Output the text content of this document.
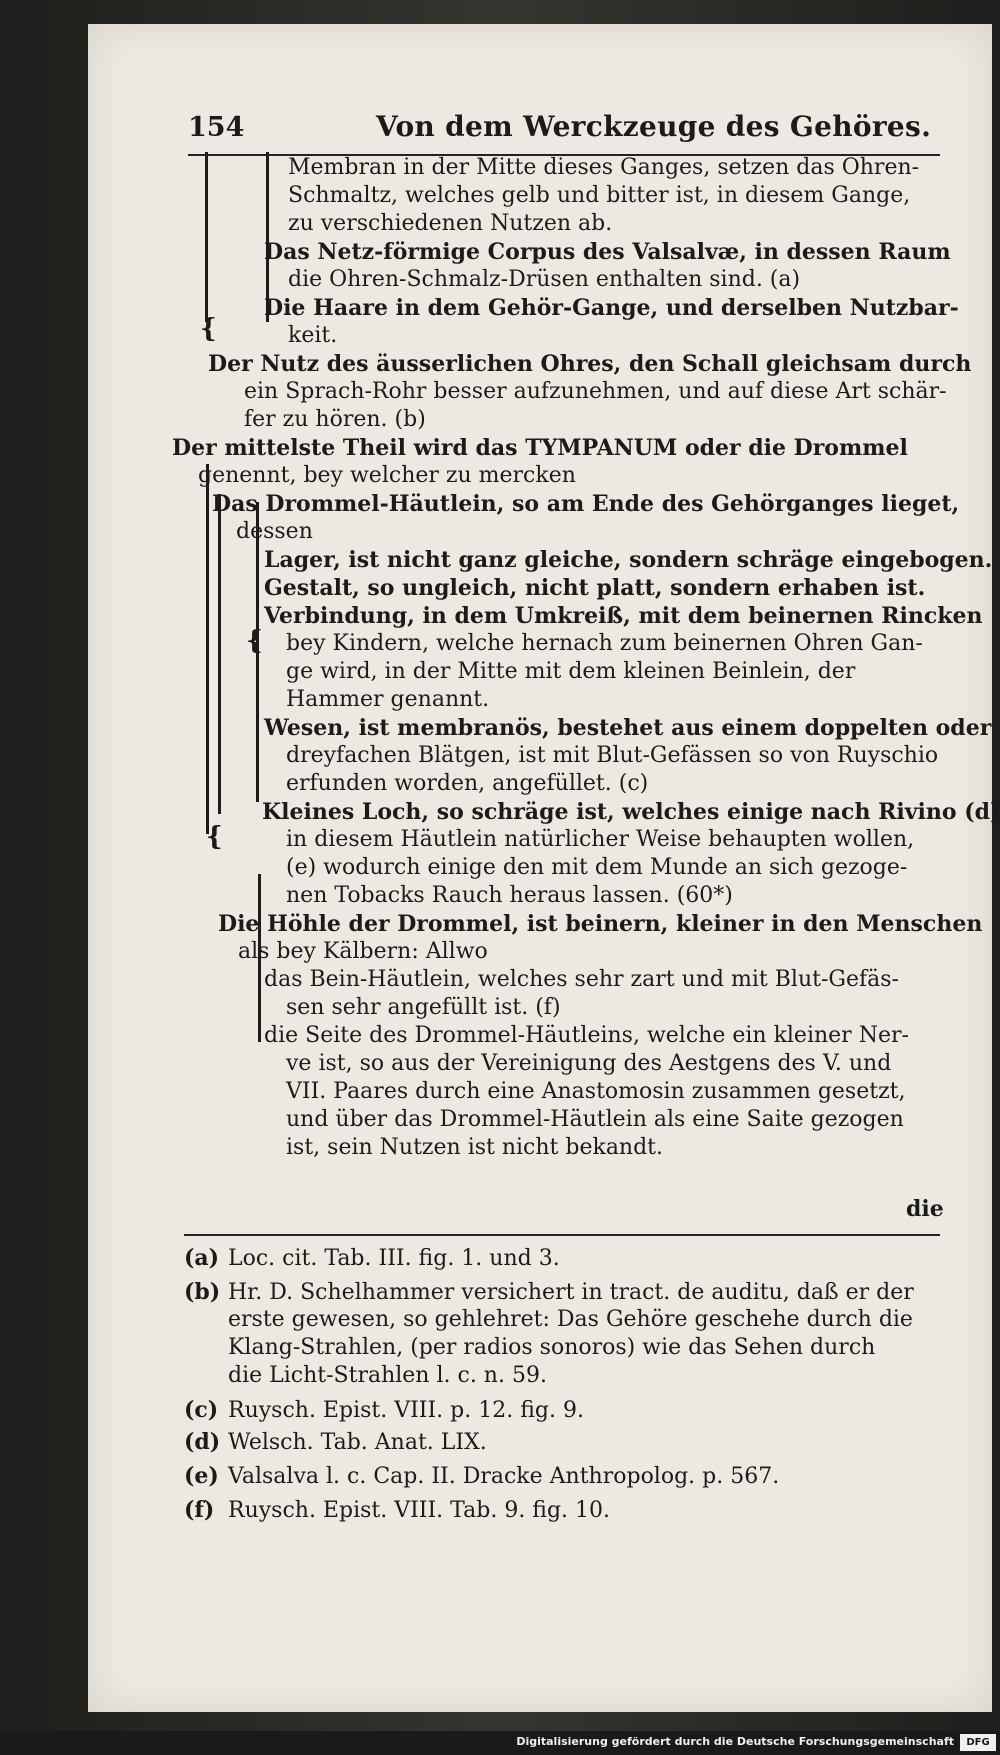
154	Von dem Werckzeuge des Gehöres.
{
{
{
Membran in der Mitte dieses Ganges, setzen das Ohren-
Schmaltz, welches gelb und bitter ist, in diesem Gange,
zu verschiedenen Nutzen ab.
Das Netz-förmige Corpus des Valsalvæ, in dessen Raum
die Ohren-Schmalz-Drüsen enthalten sind. (a)
Die Haare in dem Gehör-Gange, und derselben Nutzbar-
keit.
Der Nutz des äusserlichen Ohres, den Schall gleichsam durch
ein Sprach-Rohr besser aufzunehmen, und auf diese Art schär-
fer zu hören. (b)
Der mittelste Theil wird das TYMPANUM oder die Drommel
genennt, bey welcher zu mercken
Das Drommel-Häutlein, so am Ende des Gehörganges lieget,
dessen
Lager, ist nicht ganz gleiche, sondern schräge eingebogen.
Gestalt, so ungleich, nicht platt, sondern erhaben ist.
Verbindung, in dem Umkreiß, mit dem beinernen Rincken
bey Kindern, welche hernach zum beinernen Ohren Gan-
ge wird, in der Mitte mit dem kleinen Beinlein, der
Hammer genannt.
Wesen, ist membranös, bestehet aus einem doppelten oder
dreyfachen Blätgen, ist mit Blut-Gefässen so von Ruyschio
erfunden worden, angefüllet. (c)
Kleines Loch, so schräge ist, welches einige nach Rivino (d)
in diesem Häutlein natürlicher Weise behaupten wollen,
(e) wodurch einige den mit dem Munde an sich gezoge-
nen Tobacks Rauch heraus lassen. (60*)
Die Höhle der Drommel, ist beinern, kleiner in den Menschen
als bey Kälbern: Allwo
das Bein-Häutlein, welches sehr zart und mit Blut-Gefäs-
sen sehr angefüllt ist. (f)
die Seite des Drommel-Häutleins, welche ein kleiner Ner-
ve ist, so aus der Vereinigung des Aestgens des V. und
VII. Paares durch eine Anastomosin zusammen gesetzt,
und über das Drommel-Häutlein als eine Saite gezogen
ist, sein Nutzen ist nicht bekandt.
die
(a) Loc. cit. Tab. III. fig. 1. und 3.
(b) Hr. D. Schelhammer versichert in tract. de auditu, daß er der
erste gewesen, so gehlehret: Das Gehöre geschehe durch die
Klang-Strahlen, (per radios sonoros) wie das Sehen durch
die Licht-Strahlen l. c. n. 59.
(c) Ruysch. Epist. VIII. p. 12. fig. 9.
(d) Welsch. Tab. Anat. LIX.
(e) Valsalva l. c. Cap. II. Dracke Anthropolog. p. 567.
(f) Ruysch. Epist. VIII. Tab. 9. fig. 10.
Digitalisierung gefördert durch die Deutsche Forschungsgemeinschaft	DFG
